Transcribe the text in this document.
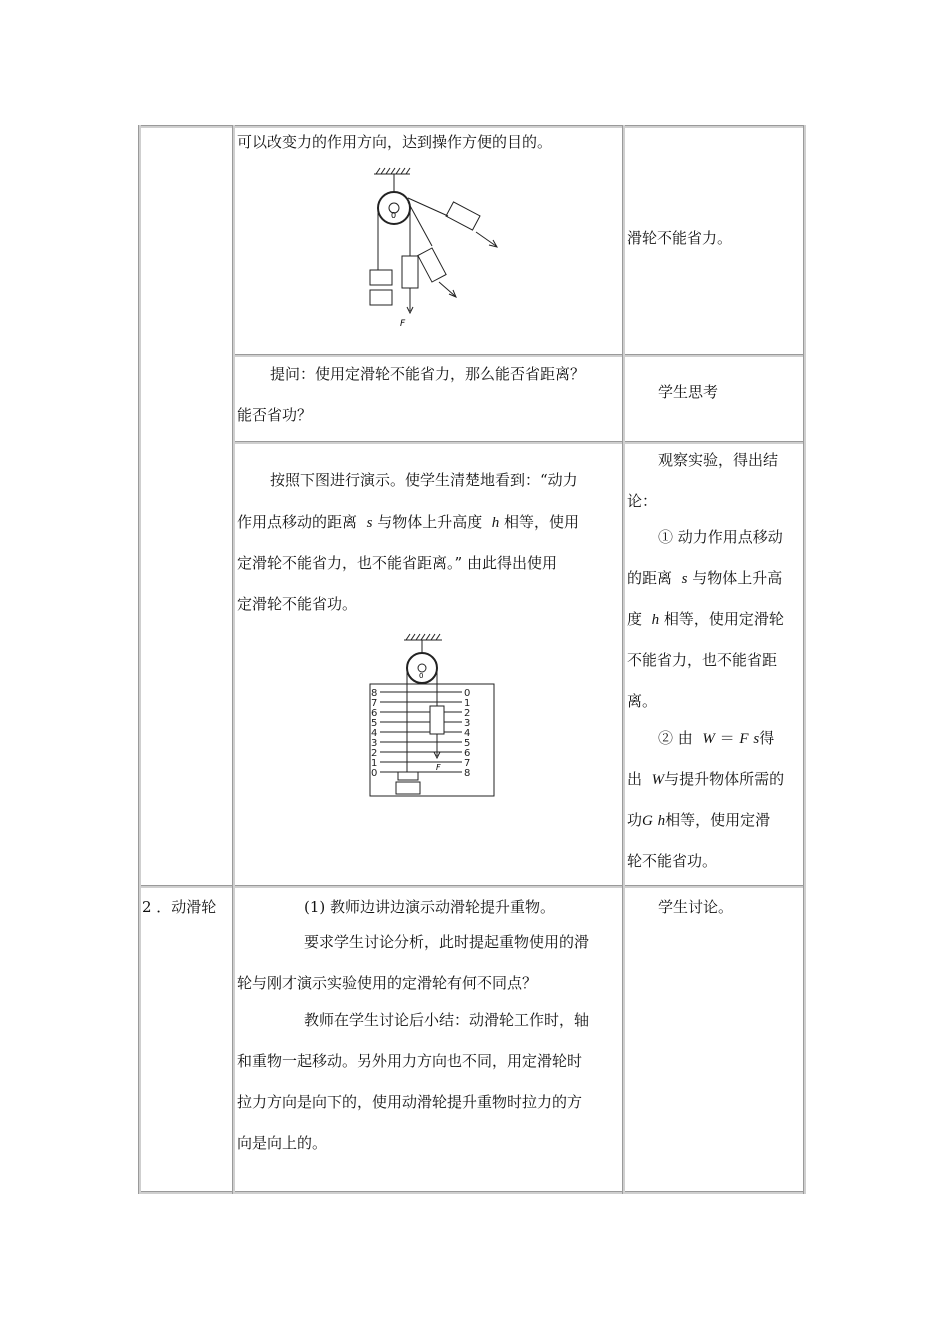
可以改变力的作用方向，达到操作方便的目的。
0
F
滑轮不能省力。
提问：使用定滑轮不能省力，那么能否省距离？
能否省功？
学生思考
按照下图进行演示。使学生清楚地看到：“动力
作用点移动的距离 s 与物体上升高度 h 相等，使用
定滑轮不能省力，也不能省距离。” 由此得出使用
定滑轮不能省功。
0
8
7
6
5
4
3
2
1
0
0
1
2
3
4
5
6
7
8
F
观察实验，得出结
论：
① 动力作用点移动
的距离 s 与物体上升高
度 h 相等，使用定滑轮
不能省力，也不能省距
离。
② 由 W ＝ F s得
出 W与提升物体所需的
功G h相等，使用定滑
轮不能省功。
2 ．动滑轮	(1) 教师边讲边演示动滑轮提升重物。
要求学生讨论分析，此时提起重物使用的滑
轮与刚才演示实验使用的定滑轮有何不同点？
教师在学生讨论后小结：动滑轮工作时，轴
和重物一起移动。另外用力方向也不同，用定滑轮时
拉力方向是向下的，使用动滑轮提升重物时拉力的方
向是向上的。
学生讨论。
